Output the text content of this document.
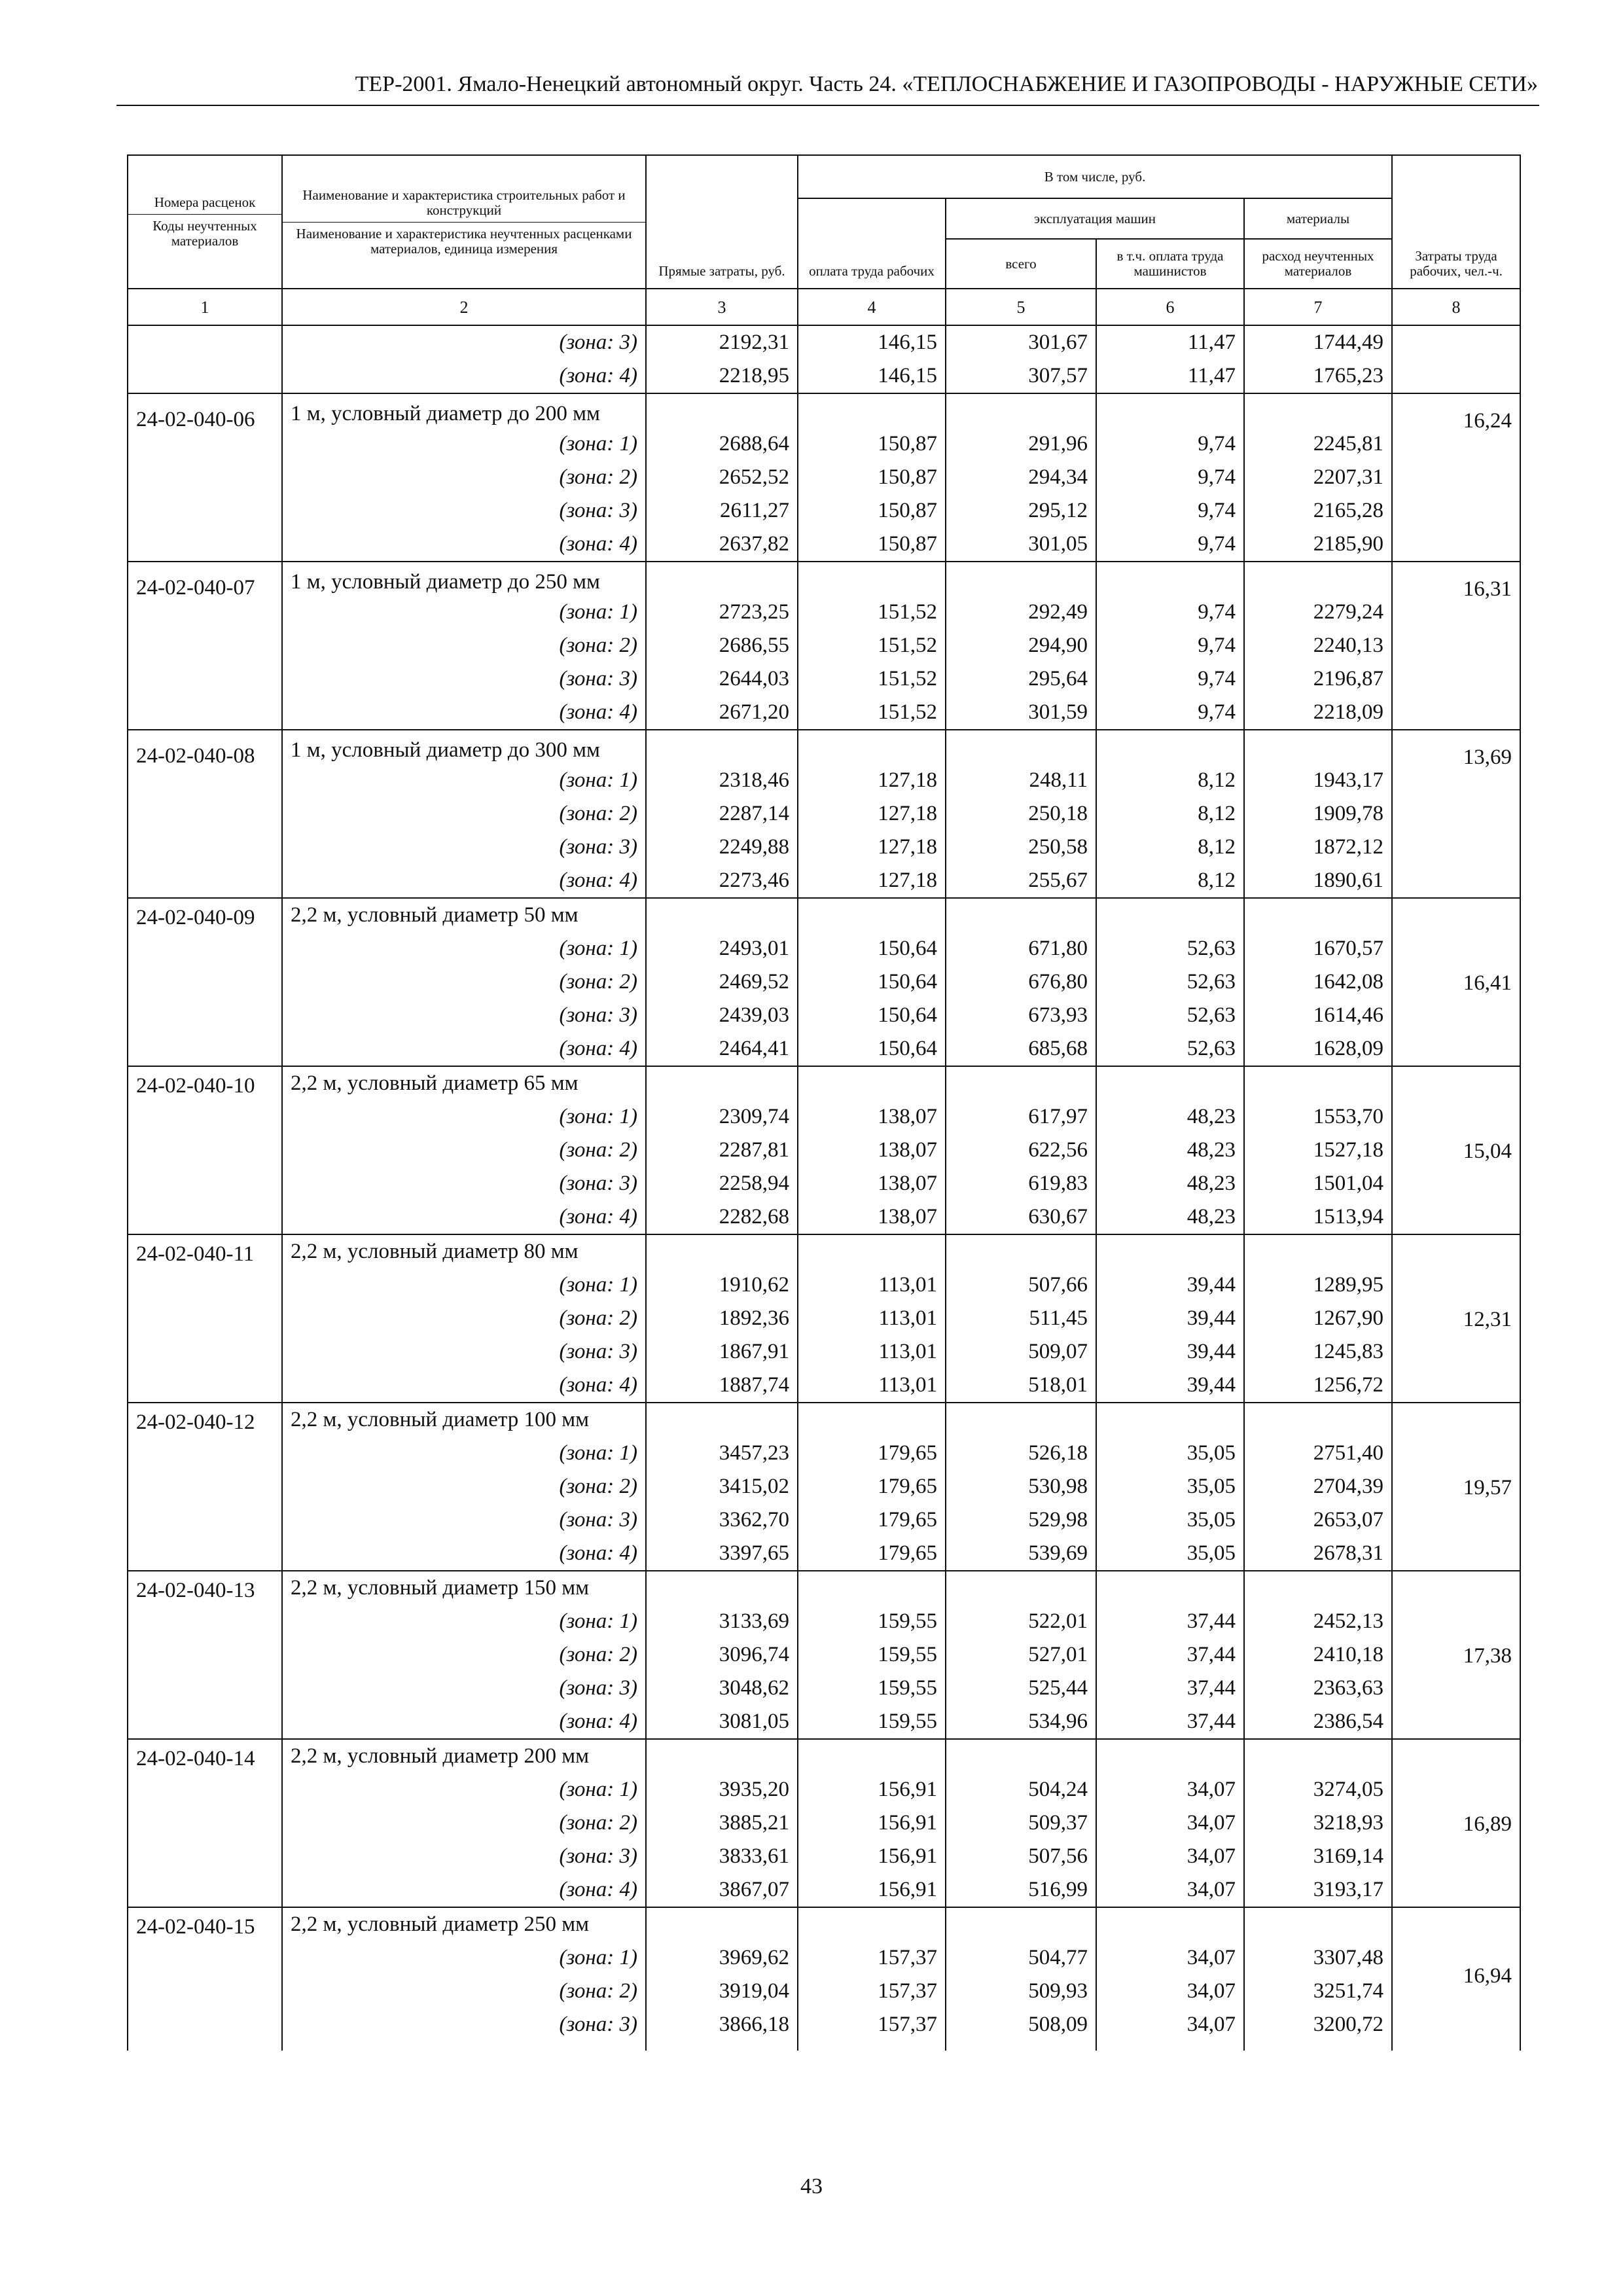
ТЕР-2001. Ямало-Ненецкий автономный округ. Часть 24. «ТЕПЛОСНАБЖЕНИЕ И ГАЗОПРОВОДЫ - НАРУЖНЫЕ СЕТИ»
Номера расценок
Коды неучтенных материалов	Наименование и характеристика строительных работ и конструкций
Наименование и характеристика неучтенных расценками материалов, единица измерения	Прямые затраты, руб.	В том числе, руб.				Затраты труда рабочих, чел.-ч.
			оплата труда рабочих	эксплуатация машин		материалы	
				всего	в т.ч. оплата труда машинистов	расход неучтенных материалов	
1	2	3	4	5	6	7	8
	(зона: 3)	2192,31	146,15	301,67	11,47	1744,49	
	(зона: 4)	2218,95	146,15	307,57	11,47	1765,23	
24-02-040-06	1 м, условный диаметр до 200 мм						16,24
	(зона: 1)	2688,64	150,87	291,96	9,74	2245,81	
	(зона: 2)	2652,52	150,87	294,34	9,74	2207,31	
	(зона: 3)	2611,27	150,87	295,12	9,74	2165,28	
	(зона: 4)	2637,82	150,87	301,05	9,74	2185,90	
24-02-040-07	1 м, условный диаметр до 250 мм						16,31
	(зона: 1)	2723,25	151,52	292,49	9,74	2279,24	
	(зона: 2)	2686,55	151,52	294,90	9,74	2240,13	
	(зона: 3)	2644,03	151,52	295,64	9,74	2196,87	
	(зона: 4)	2671,20	151,52	301,59	9,74	2218,09	
24-02-040-08	1 м, условный диаметр до 300 мм						13,69
	(зона: 1)	2318,46	127,18	248,11	8,12	1943,17	
	(зона: 2)	2287,14	127,18	250,18	8,12	1909,78	
	(зона: 3)	2249,88	127,18	250,58	8,12	1872,12	
	(зона: 4)	2273,46	127,18	255,67	8,12	1890,61	
24-02-040-09	2,2 м, условный диаметр 50 мм						16,41
	(зона: 1)	2493,01	150,64	671,80	52,63	1670,57	
	(зона: 2)	2469,52	150,64	676,80	52,63	1642,08	
	(зона: 3)	2439,03	150,64	673,93	52,63	1614,46	
	(зона: 4)	2464,41	150,64	685,68	52,63	1628,09	
24-02-040-10	2,2 м, условный диаметр 65 мм						15,04
	(зона: 1)	2309,74	138,07	617,97	48,23	1553,70	
	(зона: 2)	2287,81	138,07	622,56	48,23	1527,18	
	(зона: 3)	2258,94	138,07	619,83	48,23	1501,04	
	(зона: 4)	2282,68	138,07	630,67	48,23	1513,94	
24-02-040-11	2,2 м, условный диаметр 80 мм						12,31
	(зона: 1)	1910,62	113,01	507,66	39,44	1289,95	
	(зона: 2)	1892,36	113,01	511,45	39,44	1267,90	
	(зона: 3)	1867,91	113,01	509,07	39,44	1245,83	
	(зона: 4)	1887,74	113,01	518,01	39,44	1256,72	
24-02-040-12	2,2 м, условный диаметр 100 мм						19,57
	(зона: 1)	3457,23	179,65	526,18	35,05	2751,40	
	(зона: 2)	3415,02	179,65	530,98	35,05	2704,39	
	(зона: 3)	3362,70	179,65	529,98	35,05	2653,07	
	(зона: 4)	3397,65	179,65	539,69	35,05	2678,31	
24-02-040-13	2,2 м, условный диаметр 150 мм						17,38
	(зона: 1)	3133,69	159,55	522,01	37,44	2452,13	
	(зона: 2)	3096,74	159,55	527,01	37,44	2410,18	
	(зона: 3)	3048,62	159,55	525,44	37,44	2363,63	
	(зона: 4)	3081,05	159,55	534,96	37,44	2386,54	
24-02-040-14	2,2 м, условный диаметр 200 мм						16,89
	(зона: 1)	3935,20	156,91	504,24	34,07	3274,05	
	(зона: 2)	3885,21	156,91	509,37	34,07	3218,93	
	(зона: 3)	3833,61	156,91	507,56	34,07	3169,14	
	(зона: 4)	3867,07	156,91	516,99	34,07	3193,17	
24-02-040-15	2,2 м, условный диаметр 250 мм						16,94
	(зона: 1)	3969,62	157,37	504,77	34,07	3307,48	
	(зона: 2)	3919,04	157,37	509,93	34,07	3251,74	
	(зона: 3)	3866,18	157,37	508,09	34,07	3200,72	

43
